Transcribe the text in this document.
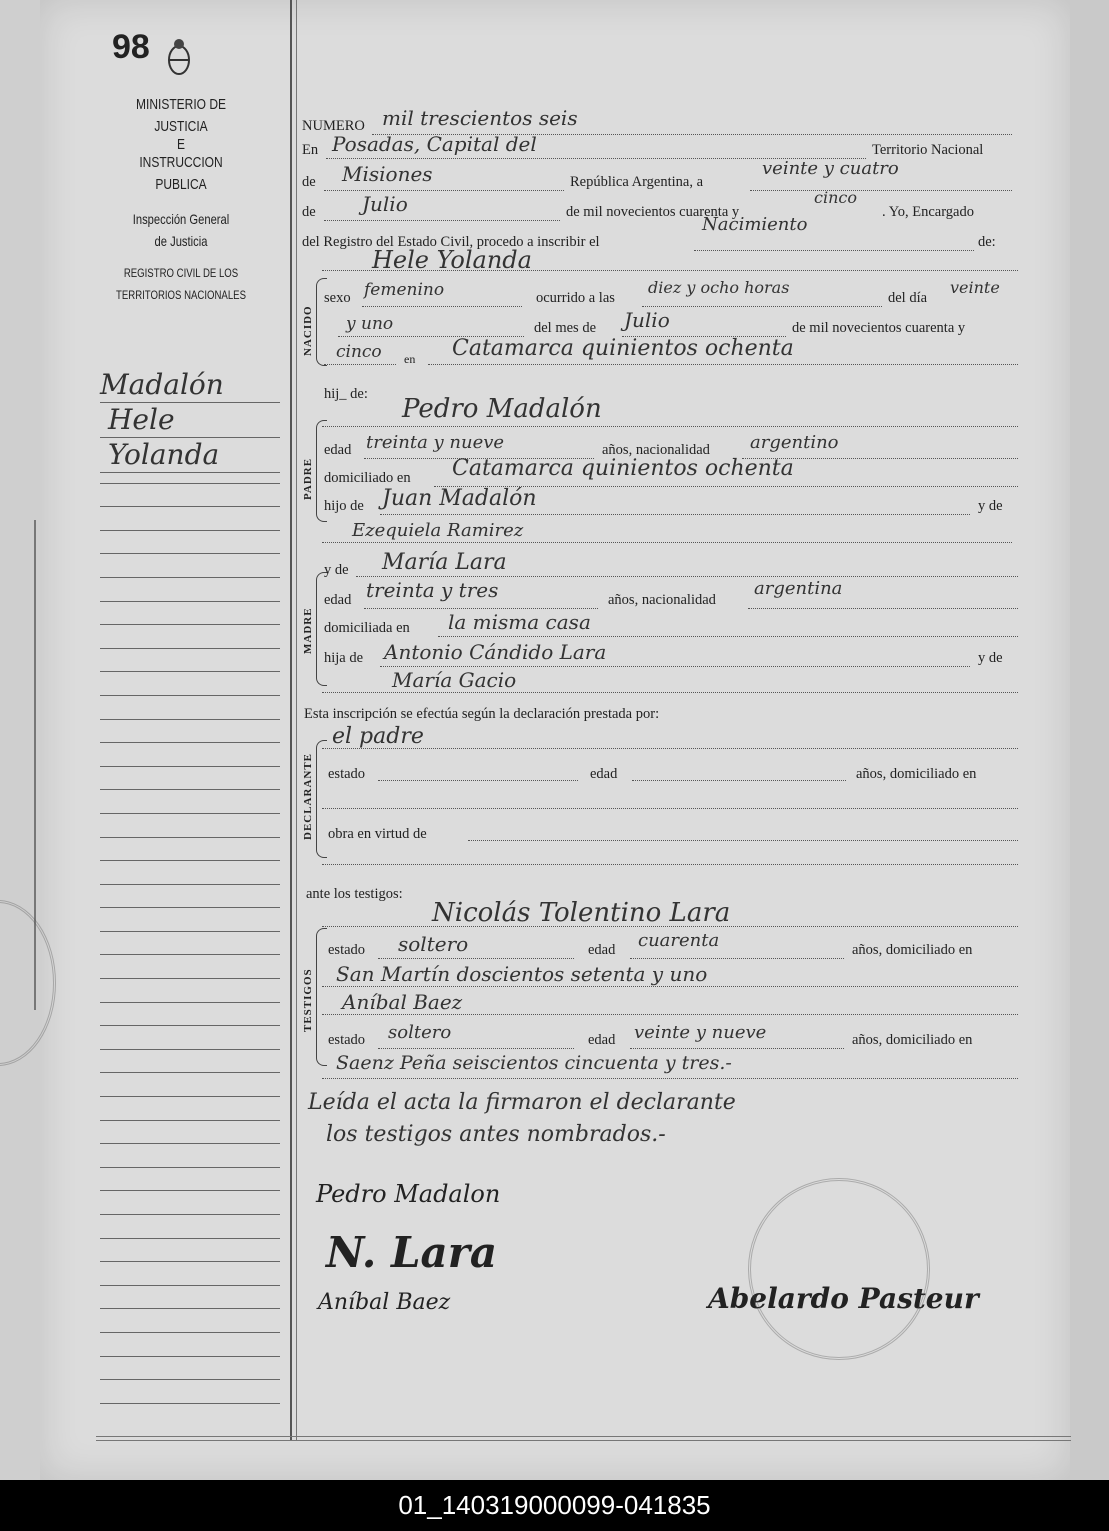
98
MINISTERIO DE JUSTICIA
E
INSTRUCCION PUBLICA
Inspección General
de Justicia
REGISTRO CIVIL DE LOS
TERRITORIOS NACIONALES
Madalón
Hele
Yolanda
NACIDO
PADRE
MADRE
DECLARANTE
TESTIGOS
NUMERO mil trescientos seis
En Posadas, Capital del	Territorio Nacional
de Misiones	República Argentina, a
veinte y cuatro
de Julio	de mil novecientos cuarenta y
cinco
. Yo, Encargado
del Registro del Estado Civil, procedo a inscribir el
Nacimiento
de:
Hele Yolanda
sexo femenino	ocurrido a las
diez y ocho horas
del día
veinte
y uno	del mes de Julio	de mil novecientos cuarenta y
cinco en Catamarca quinientos ochenta
hij_ de: Pedro Madalón
edad treinta y nueve	años, nacionalidad argentino
domiciliado en Catamarca quinientos ochenta
hijo de Juan Madalón	y de
Ezequiela Ramirez
y de María Lara
edad treinta y tres	años, nacionalidad
argentina
domiciliada en la misma casa
hija de Antonio Cándido Lara	y de
María Gacio
Esta inscripción se efectúa según la declaración prestada por:
el padre
estado	edad	años, domiciliado en
obra en virtud de
ante los testigos:
Nicolás Tolentino Lara
estado soltero	edad cuarenta	años, domiciliado en
San Martín doscientos setenta y uno
Aníbal Baez
estado soltero	edad veinte y nueve	años, domiciliado en
Saenz Peña seiscientos cincuenta y tres.-
Leída el acta la firmaron el declarante
los testigos antes nombrados.-
Pedro Madalon
N. Lara
Aníbal Baez	Abelardo Pasteur
01_140319000099-041835
